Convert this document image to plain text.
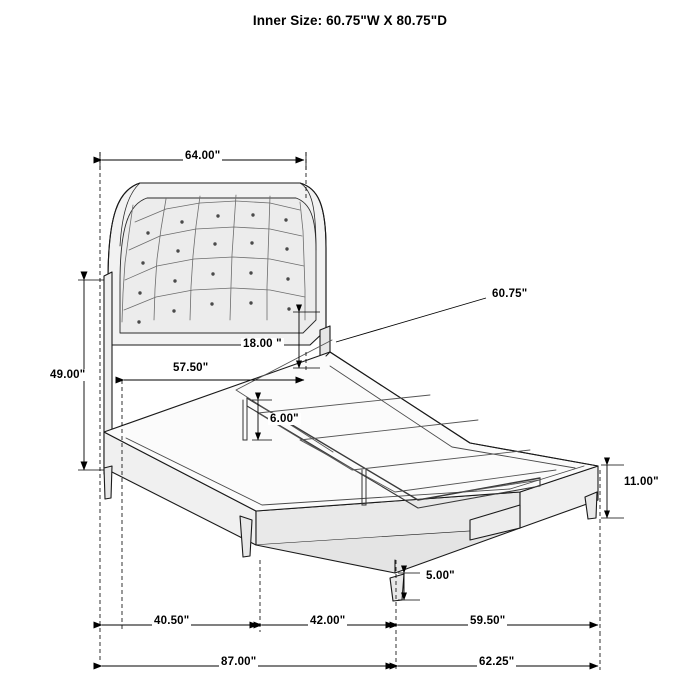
Inner Size: 60.75"W X 80.75"D
64.00"
57.50"
49.00"
18.00 "
6.00"
11.00"
5.00"
40.50"	42.00"	59.50"
87.00"	62.25"
60.75"
